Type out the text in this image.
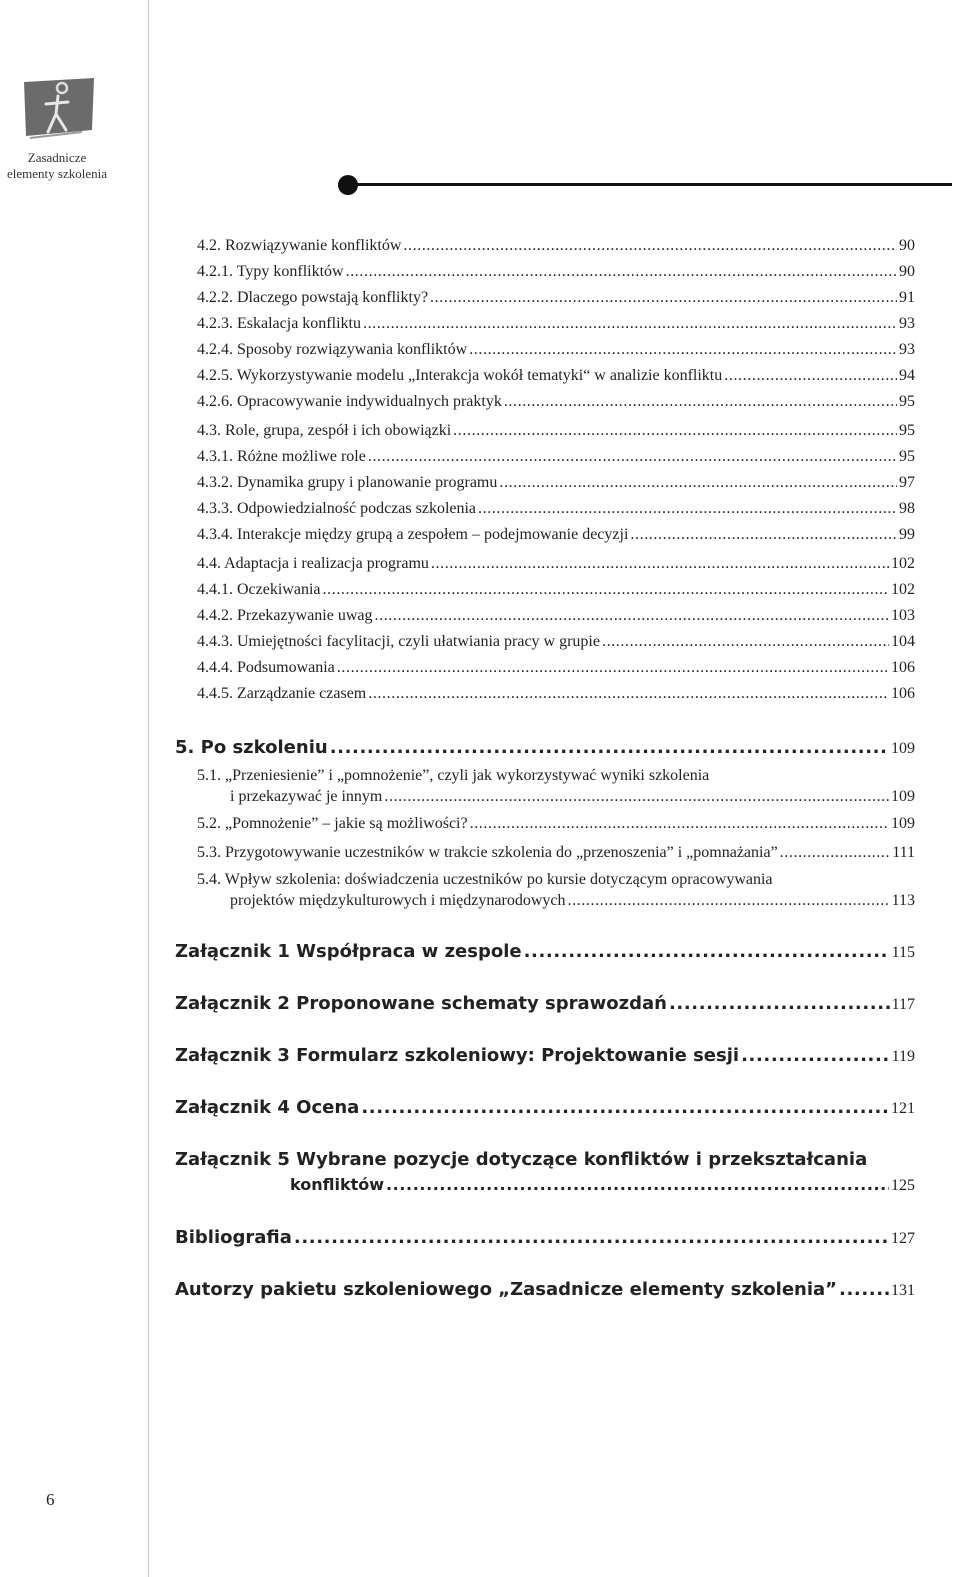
Zasadnicze
elementy szkolenia
4.2. Rozwiązywanie konfliktów .....	90
4.2.1. Typy konfliktów .....	90
4.2.2. Dlaczego powstają konflikty? .....	91
4.2.3. Eskalacja konfliktu .....	93
4.2.4. Sposoby rozwiązywania konfliktów .....	93
4.2.5. Wykorzystywanie modelu „Interakcja wokół tematyki“ w analizie konfliktu .....	94
4.2.6. Opracowywanie indywidualnych praktyk .....	95
4.3. Role, grupa, zespół i ich obowiązki .....	95
4.3.1. Różne możliwe role .....	95
4.3.2. Dynamika grupy i planowanie programu .....	97
4.3.3. Odpowiedzialność podczas szkolenia .....	98
4.3.4. Interakcje między grupą a zespołem – podejmowanie decyzji .....	99
4.4. Adaptacja i realizacja programu .....	102
4.4.1. Oczekiwania .....	102
4.4.2. Przekazywanie uwag .....	103
4.4.3. Umiejętności facylitacji, czyli ułatwiania pracy w grupie .....	104
4.4.4. Podsumowania .....	106
4.4.5. Zarządzanie czasem .....	106
5. Po szkoleniu .....	109
5.1. „Przeniesienie” i „pomnożenie”, czyli jak wykorzystywać wyniki szkolenia
i przekazywać je innym .....	109
5.2. „Pomnożenie” – jakie są możliwości? .....	109
5.3. Przygotowywanie uczestników w trakcie szkolenia do „przenoszenia” i „pomnażania” .....	111
5.4. Wpływ szkolenia: doświadczenia uczestników po kursie dotyczącym opracowywania
projektów międzykulturowych i międzynarodowych .....	113
Załącznik 1 Współpraca w zespole .....	115
Załącznik 2 Proponowane schematy sprawozdań .....	117
Załącznik 3 Formularz szkoleniowy: Projektowanie sesji .....	119
Załącznik 4 Ocena .....	121
Załącznik 5 Wybrane pozycje dotyczące konfliktów i przekształcania
konfliktów .....	125
Bibliografia .....	127
Autorzy pakietu szkoleniowego „Zasadnicze elementy szkolenia” .....	131
6
